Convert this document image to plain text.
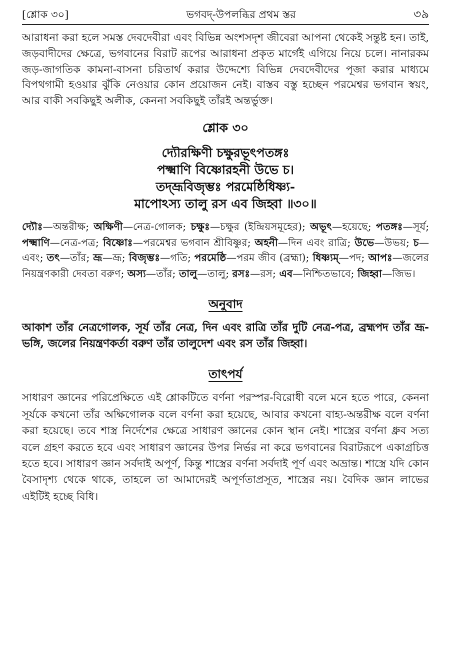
[শ্লোক ৩০]	ভগবদ্-উপলব্ধির প্রথম স্তর	৩৯

আরাধনা করা হলে সমস্ত দেবদেবীরা এবং বিভিন্ন অংশসদৃশ জীবেরা আপনা থেকেই সন্তুষ্ট হন। তাই, জড়বাদীদের ক্ষেত্রে, ভগবানের বিরাট রূপের আরাধনা প্রকৃত মার্গেই এগিয়ে নিয়ে চলে। নানারকম জড়-জাগতিক কামনা-বাসনা চরিতার্থ করার উদ্দেশ্যে বিভিন্ন দেবদেবীদের পূজা করার মাধ্যমে বিপথগামী হওয়ার ঝুঁকি নেওয়ার কোন প্রয়োজন নেই। বাস্তব বস্তু হচ্ছেন পরমেশ্বর ভগবান স্বয়ং, আর বাকী সবকিছুই অলীক, কেননা সবকিছুই তাঁরই অন্তর্ভুক্ত।

শ্লোক ৩০
দ্যৌরক্ষিণী চক্ষুরভূৎপতঙ্গঃ
পক্ষ্মাণি বিষ্ণোরহনী উভে চ।
তদ্ভ্রূবিজৃম্ভঃ পরমেষ্ঠিধিষ্ণ্য-
মাপোঽস্য তালু রস এব জিহ্বা ॥৩০॥

দ্যৌঃ—অন্তরীক্ষ; অক্ষিণী—নেত্র-গোলক; চক্ষুঃ—চক্ষুর (ইন্দ্রিয়সমূহের); অভূৎ—হয়েছে; পতঙ্গঃ—সূর্য; পক্ষ্মাণি—নেত্র-পত্র; বিষ্ণোঃ—পরমেশ্বর ভগবান শ্রীবিষ্ণুর; অহনী—দিন এবং রাত্রি; উভে—উভয়; চ—এবং; তৎ—তাঁর; ভ্রূ—ভ্রূ; বিজৃম্ভঃ—গতি; পরমেষ্ঠি—পরম জীব (ব্রহ্মা); ধিষ্ণ্যম্—পদ; আপঃ—জলের নিয়ন্ত্রণকারী দেবতা বরুণ; অস্য—তাঁর; তালু—তালু; রসঃ—রস; এব—নিশ্চিতভাবে; জিহ্বা—জিভ।

অনুবাদ

আকাশ তাঁর নেত্রগোলক, সূর্য তাঁর নেত্র, দিন এবং রাত্রি তাঁর দুটি নেত্র-পত্র, ব্রহ্মপদ তাঁর ভ্রূ-ভঙ্গি, জলের নিয়ন্ত্রণকর্তা বরুণ তাঁর তালুদেশ এবং রস তাঁর জিহ্বা।

তাৎপর্য

সাধারণ জ্ঞানের পরিপ্রেক্ষিতে এই শ্লোকটিতে বর্ণনা পরস্পর-বিরোধী বলে মনে হতে পারে, কেননা সূর্যকে কখনো তাঁর অক্ষিগোলক বলে বর্ণনা করা হয়েছে, আবার কখনো বাহ্য-অন্তরীক্ষ বলে বর্ণনা করা হয়েছে। তবে শাস্ত্র নির্দেশের ক্ষেত্রে সাধারণ জ্ঞানের কোন স্থান নেই। শাস্ত্রের বর্ণনা ধ্রুব সত্য বলে গ্রহণ করতে হবে এবং সাধারণ জ্ঞানের উপর নির্ভর না করে ভগবানের বিরাটরূপে একাগ্রচিত্ত হতে হবে। সাধারণ জ্ঞান সর্বদাই অপূর্ণ, কিন্তু শাস্ত্রের বর্ণনা সর্বদাই পূর্ণ এবং অভ্রান্ত। শাস্ত্রে যদি কোন বৈসাদৃশ্য থেকে থাকে, তাহলে তা আমাদেরই অপূর্ণতাপ্রসূত, শাস্ত্রের নয়। বৈদিক জ্ঞান লাভের এইটিই হচ্ছে বিধি।
